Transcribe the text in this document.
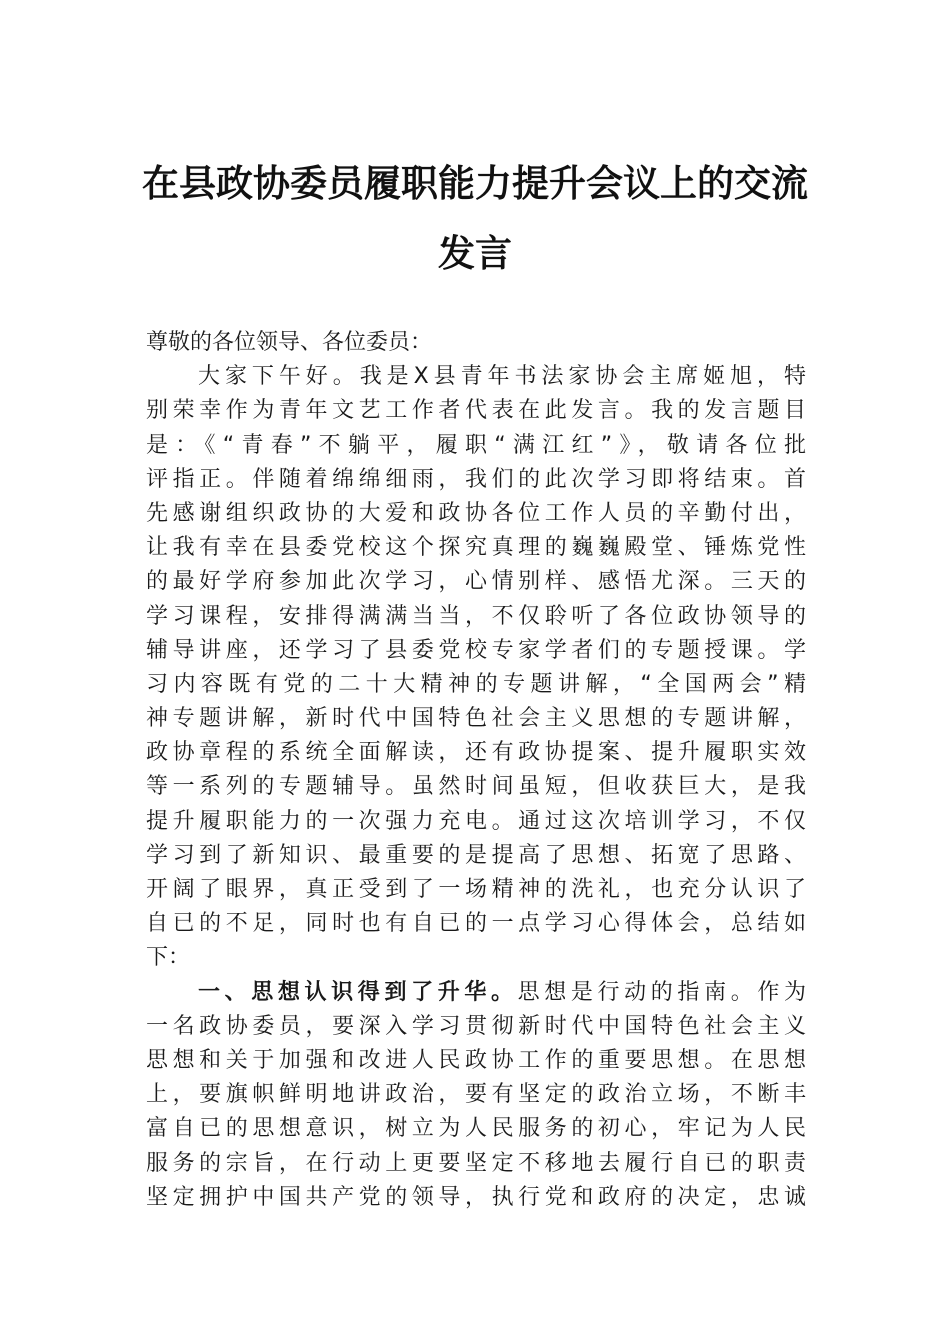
在县政协委员履职能力提升会议上的交流
发言
尊敬的各位领导、各位委员：
大家下午好。我是X县青年书法家协会主席姬旭，特
别荣幸作为青年文艺工作者代表在此发言。我的发言题目
是：《“青春”不躺平，履职“满江红”》，敬请各位批
评指正。伴随着绵绵细雨，我们的此次学习即将结束。首
先感谢组织政协的大爱和政协各位工作人员的辛勤付出，
让我有幸在县委党校这个探究真理的巍巍殿堂、锤炼党性
的最好学府参加此次学习，心情别样、感悟尤深。三天的
学习课程，安排得满满当当，不仅聆听了各位政协领导的
辅导讲座，还学习了县委党校专家学者们的专题授课。学
习内容既有党的二十大精神的专题讲解，“全国两会”精
神专题讲解，新时代中国特色社会主义思想的专题讲解，
政协章程的系统全面解读，还有政协提案、提升履职实效
等一系列的专题辅导。虽然时间虽短，但收获巨大，是我
提升履职能力的一次强力充电。通过这次培训学习，不仅
学习到了新知识、最重要的是提高了思想、拓宽了思路、
开阔了眼界，真正受到了一场精神的洗礼，也充分认识了
自已的不足，同时也有自已的一点学习心得体会，总结如
下：
一、思想认识得到了升华。思想是行动的指南。作为
一名政协委员，要深入学习贯彻新时代中国特色社会主义
思想和关于加强和改进人民政协工作的重要思想。在思想
上，要旗帜鲜明地讲政治，要有坚定的政治立场，不断丰
富自已的思想意识，树立为人民服务的初心，牢记为人民
服务的宗旨，在行动上更要坚定不移地去履行自已的职责
坚定拥护中国共产党的领导，执行党和政府的决定，忠诚
